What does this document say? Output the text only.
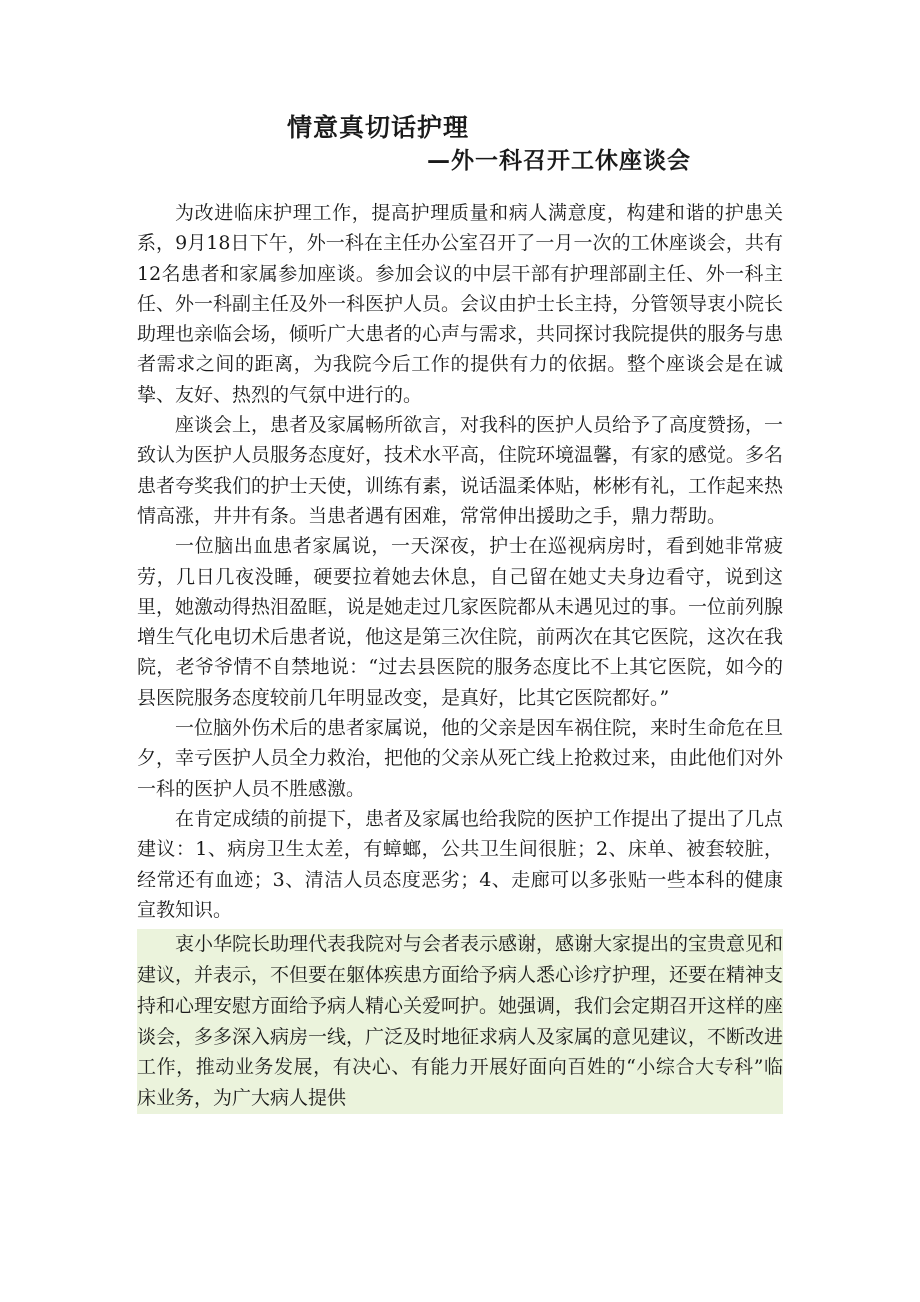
情意真切话护理
—外一科召开工休座谈会

为改进临床护理工作，提高护理质量和病人满意度，构建和谐的护患关系，9月18日下午，外一科在主任办公室召开了一月一次的工休座谈会，共有12名患者和家属参加座谈。参加会议的中层干部有护理部副主任、外一科主任、外一科副主任及外一科医护人员。会议由护士长主持，分管领导衷小院长助理也亲临会场，倾听广大患者的心声与需求，共同探讨我院提供的服务与患者需求之间的距离，为我院今后工作的提供有力的依据。整个座谈会是在诚挚、友好、热烈的气氛中进行的。

座谈会上，患者及家属畅所欲言，对我科的医护人员给予了高度赞扬，一致认为医护人员服务态度好，技术水平高，住院环境温馨，有家的感觉。多名患者夸奖我们的护士天使，训练有素，说话温柔体贴，彬彬有礼，工作起来热情高涨，井井有条。当患者遇有困难，常常伸出援助之手，鼎力帮助。

一位脑出血患者家属说，一天深夜，护士在巡视病房时，看到她非常疲劳，几日几夜没睡，硬要拉着她去休息，自己留在她丈夫身边看守，说到这里，她激动得热泪盈眶，说是她走过几家医院都从未遇见过的事。一位前列腺增生气化电切术后患者说，他这是第三次住院，前两次在其它医院，这次在我院，老爷爷情不自禁地说：“过去县医院的服务态度比不上其它医院，如今的县医院服务态度较前几年明显改变，是真好，比其它医院都好。”

一位脑外伤术后的患者家属说，他的父亲是因车祸住院，来时生命危在旦夕，幸亏医护人员全力救治，把他的父亲从死亡线上抢救过来，由此他们对外一科的医护人员不胜感激。

在肯定成绩的前提下，患者及家属也给我院的医护工作提出了提出了几点建议：1、病房卫生太差，有蟑螂，公共卫生间很脏；2、床单、被套较脏，经常还有血迹；3、清洁人员态度恶劣；4、走廊可以多张贴一些本科的健康宣教知识。

衷小华院长助理代表我院对与会者表示感谢，感谢大家提出的宝贵意见和建议，并表示，不但要在躯体疾患方面给予病人悉心诊疗护理，还要在精神支持和心理安慰方面给予病人精心关爱呵护。她强调，我们会定期召开这样的座谈会，多多深入病房一线，广泛及时地征求病人及家属的意见建议，不断改进工作，推动业务发展，有决心、有能力开展好面向百姓的“小综合大专科”临床业务，为广大病人提供
